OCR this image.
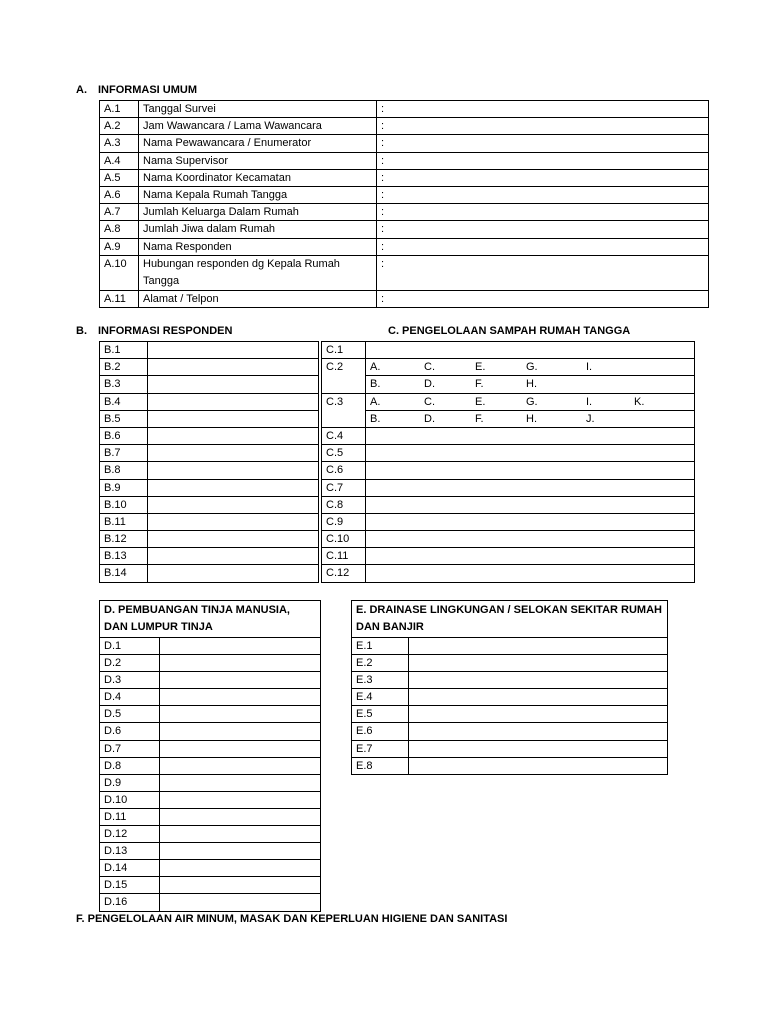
A. INFORMASI UMUM
A.1	Tanggal Survei	:
A.2	Jam Wawancara / Lama Wawancara	:
A.3	Nama Pewawancara / Enumerator	:
A.4	Nama Supervisor	:
A.5	Nama Koordinator Kecamatan	:
A.6	Nama Kepala Rumah Tangga	:
A.7	Jumlah Keluarga Dalam Rumah	:
A.8	Jumlah Jiwa dalam Rumah	:
A.9	Nama Responden	:
A.10	Hubungan responden dg Kepala Rumah Tangga	:
A.11	Alamat / Telpon	:
B. INFORMASI RESPONDEN	C. PENGELOLAAN SAMPAH RUMAH TANGGA
B.1	
B.2	
B.3	
B.4	
B.5	
B.6	
B.7	
B.8	
B.9	
B.10	
B.11	
B.12	
B.13	
B.14	
C.1	
C.2	A. C. E. G. I.
	B. D. F. H.
C.3	A. C. E. G. I. K.
	B. D. F. H. J.
C.4	
C.5	
C.6	
C.7	
C.8	
C.9	
C.10	
C.11	
C.12	
D. PEMBUANGAN TINJA MANUSIA, DAN LUMPUR TINJA	
D.1	
D.2	
D.3	
D.4	
D.5	
D.6	
D.7	
D.8	
D.9	
D.10	
D.11	
D.12	
D.13	
D.14	
D.15	
D.16	
E. DRAINASE LINGKUNGAN / SELOKAN SEKITAR RUMAH DAN BANJIR	
E.1	
E.2	
E.3	
E.4	
E.5	
E.6	
E.7	
E.8	
F. PENGELOLAAN AIR MINUM, MASAK DAN KEPERLUAN HIGIENE DAN SANITASI
